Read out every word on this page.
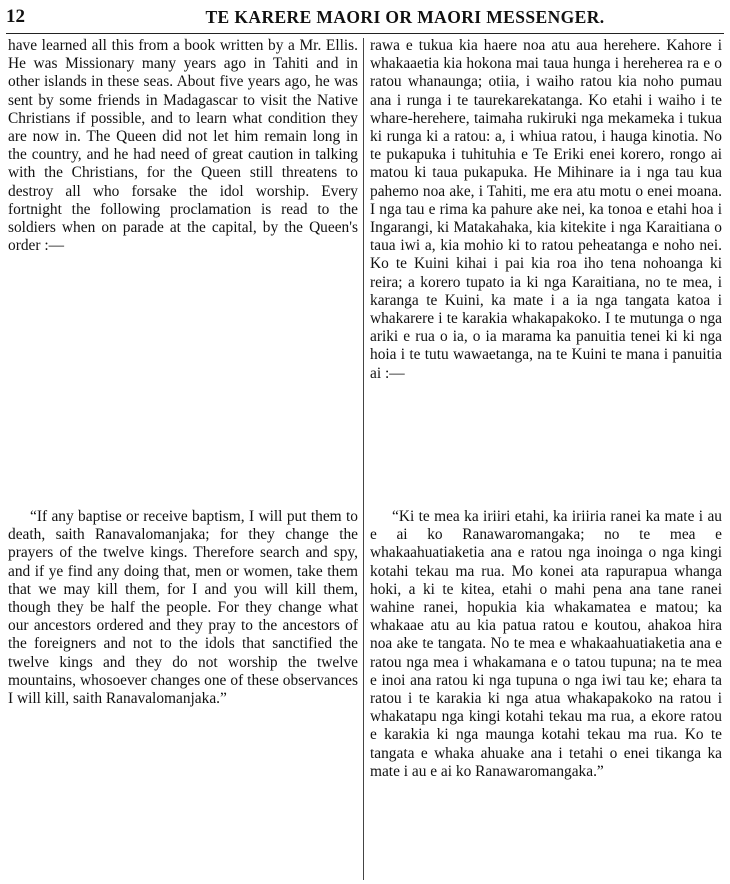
12	TE KARERE MAORI OR MAORI MESSENGER.

have learned all this from a book written by a Mr. Ellis. He was Missionary many years ago in Tahiti and in other islands in these seas. About five years ago, he was sent by some friends in Madagascar to visit the Native Christians if possible, and to learn what condition they are now in. The Queen did not let him remain long in the country, and he had need of great caution in talking with the Christians, for the Queen still threatens to destroy all who forsake the idol worship. Every fortnight the following proclamation is read to the soldiers when on parade at the capital, by the Queen's order :—

“If any baptise or receive baptism, I will put them to death, saith Ranavalomanjaka; for they change the prayers of the twelve kings. Therefore search and spy, and if ye find any doing that, men or women, take them that we may kill them, for I and you will kill them, though they be half the people. For they change what our ancestors ordered and they pray to the ancestors of the foreigners and not to the idols that sanctified the twelve kings and they do not worship the twelve mountains, whosoever changes one of these observances I will kill, saith Ranavalomanjaka.”

rawa e tukua kia haere noa atu aua herehere. Kahore i whakaaetia kia hokona mai taua hunga i hereherea ra e o ratou whanaunga; otiia, i waiho ratou kia noho pumau ana i runga i te taurekarekatanga. Ko etahi i waiho i te whare-herehere, taimaha rukiruki nga mekameka i tukua ki runga ki a ratou: a, i whiua ratou, i hauga kinotia. No te pukapuka i tuhituhia e Te Eriki enei korero, rongo ai matou ki taua pukapuka. He Mihinare ia i nga tau kua pahemo noa ake, i Tahiti, me era atu motu o enei moana. I nga tau e rima ka pahure ake nei, ka tonoa e etahi hoa i Ingarangi, ki Matakahaka, kia kitekite i nga Karaitiana o taua iwi a, kia mohio ki to ratou peheatanga e noho nei. Ko te Kuini kihai i pai kia roa iho tena nohoanga ki reira; a korero tupato ia ki nga Karaitiana, no te mea, i karanga te Kuini, ka mate i a ia nga tangata katoa i whakarere i te karakia whakapakoko. I te mutunga o nga ariki e rua o ia, o ia marama ka panuitia tenei ki ki nga hoia i te tutu wawaetanga, na te Kuini te mana i panuitia ai :—

“Ki te mea ka iriiri etahi, ka iriiria ranei ka mate i au e ai ko Ranawaromangaka; no te mea e whakaahuatiaketia ana e ratou nga inoinga o nga kingi kotahi tekau ma rua. Mo konei ata rapurapua whanga hoki, a ki te kitea, etahi o mahi pena ana tane ranei wahine ranei, hopukia kia whakamatea e matou; ka whakaae atu au kia patua ratou e koutou, ahakoa hira noa ake te tangata. No te mea e whakaahuatiaketia ana e ratou nga mea i whakamana e o tatou tupuna; na te mea e inoi ana ratou ki nga tupuna o nga iwi tau ke; ehara ta ratou i te karakia ki nga atua whakapakoko na ratou i whakatapu nga kingi kotahi tekau ma rua, a ekore ratou e karakia ki nga maunga kotahi tekau ma rua. Ko te tangata e whaka ahuake ana i tetahi o enei tikanga ka mate i au e ai ko Ranawaromangaka.”
